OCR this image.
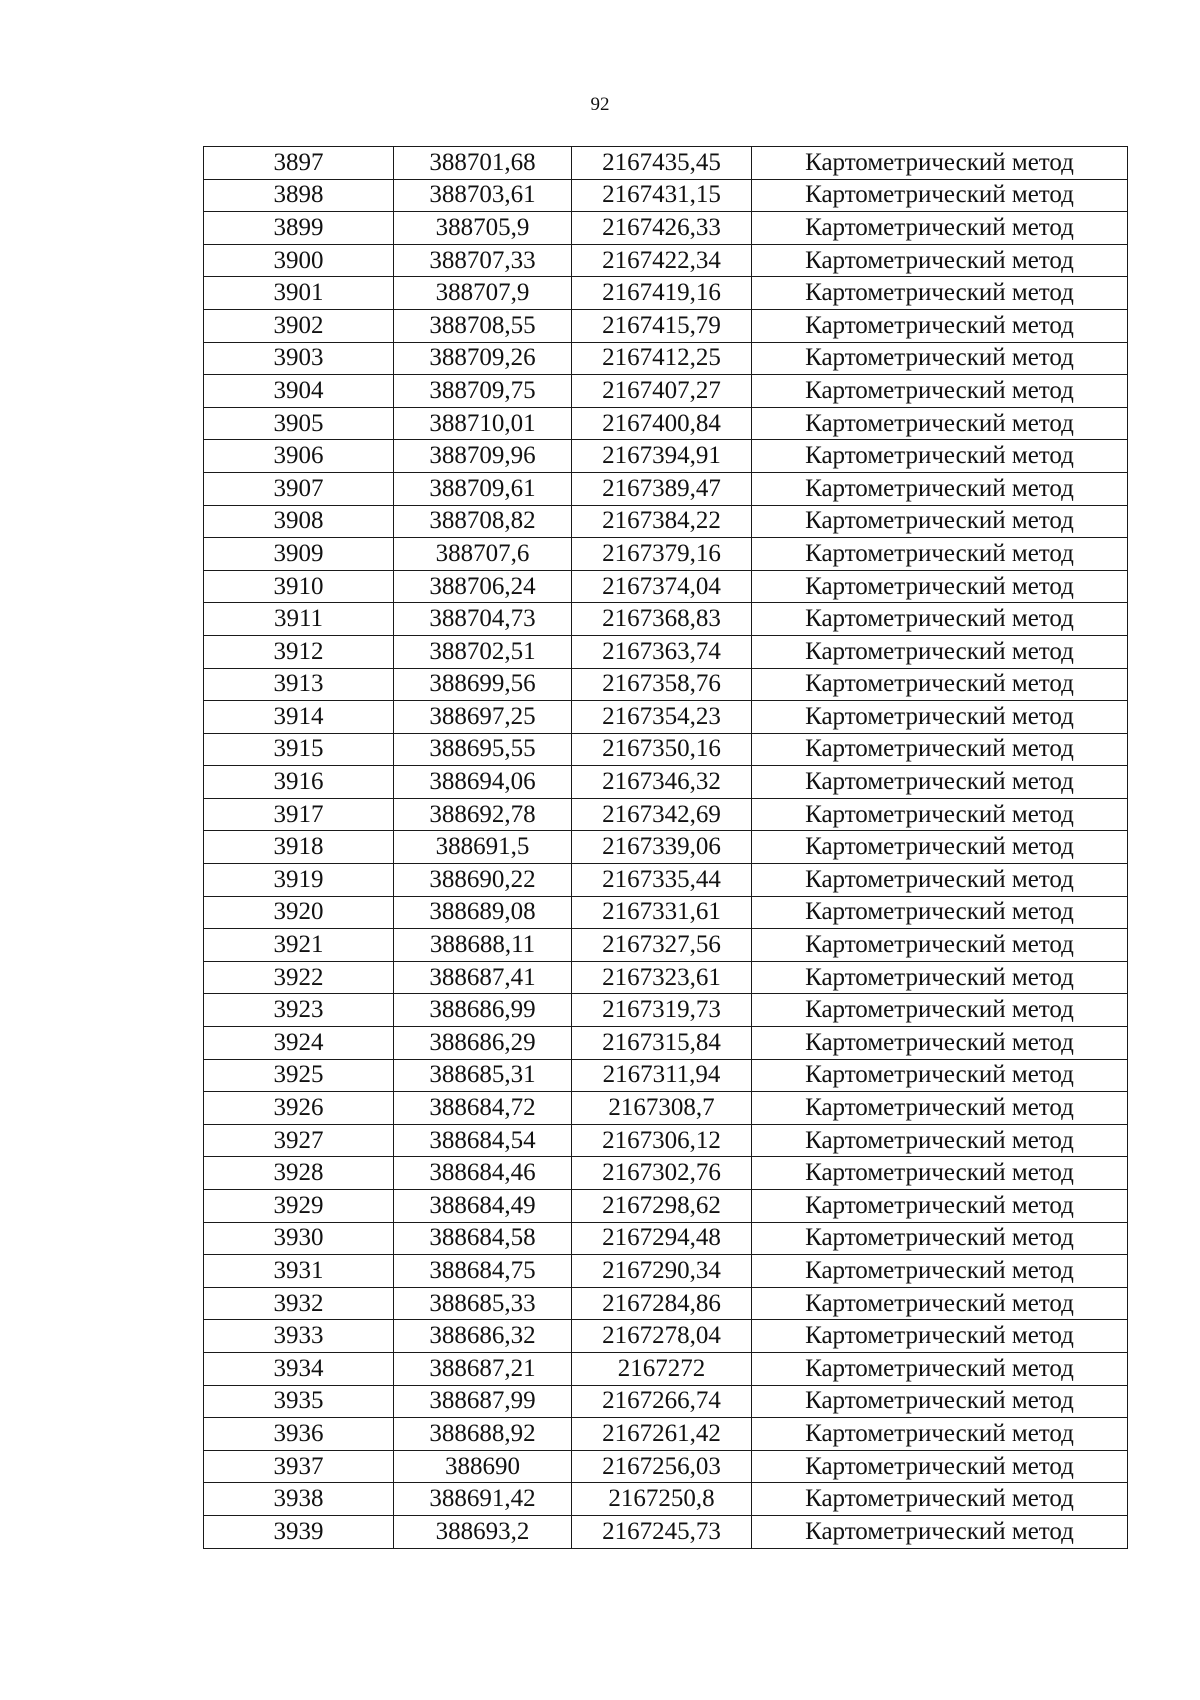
92
3897	388701,68	2167435,45	Картометрический метод
3898	388703,61	2167431,15	Картометрический метод
3899	388705,9	2167426,33	Картометрический метод
3900	388707,33	2167422,34	Картометрический метод
3901	388707,9	2167419,16	Картометрический метод
3902	388708,55	2167415,79	Картометрический метод
3903	388709,26	2167412,25	Картометрический метод
3904	388709,75	2167407,27	Картометрический метод
3905	388710,01	2167400,84	Картометрический метод
3906	388709,96	2167394,91	Картометрический метод
3907	388709,61	2167389,47	Картометрический метод
3908	388708,82	2167384,22	Картометрический метод
3909	388707,6	2167379,16	Картометрический метод
3910	388706,24	2167374,04	Картометрический метод
3911	388704,73	2167368,83	Картометрический метод
3912	388702,51	2167363,74	Картометрический метод
3913	388699,56	2167358,76	Картометрический метод
3914	388697,25	2167354,23	Картометрический метод
3915	388695,55	2167350,16	Картометрический метод
3916	388694,06	2167346,32	Картометрический метод
3917	388692,78	2167342,69	Картометрический метод
3918	388691,5	2167339,06	Картометрический метод
3919	388690,22	2167335,44	Картометрический метод
3920	388689,08	2167331,61	Картометрический метод
3921	388688,11	2167327,56	Картометрический метод
3922	388687,41	2167323,61	Картометрический метод
3923	388686,99	2167319,73	Картометрический метод
3924	388686,29	2167315,84	Картометрический метод
3925	388685,31	2167311,94	Картометрический метод
3926	388684,72	2167308,7	Картометрический метод
3927	388684,54	2167306,12	Картометрический метод
3928	388684,46	2167302,76	Картометрический метод
3929	388684,49	2167298,62	Картометрический метод
3930	388684,58	2167294,48	Картометрический метод
3931	388684,75	2167290,34	Картометрический метод
3932	388685,33	2167284,86	Картометрический метод
3933	388686,32	2167278,04	Картометрический метод
3934	388687,21	2167272	Картометрический метод
3935	388687,99	2167266,74	Картометрический метод
3936	388688,92	2167261,42	Картометрический метод
3937	388690	2167256,03	Картометрический метод
3938	388691,42	2167250,8	Картометрический метод
3939	388693,2	2167245,73	Картометрический метод
